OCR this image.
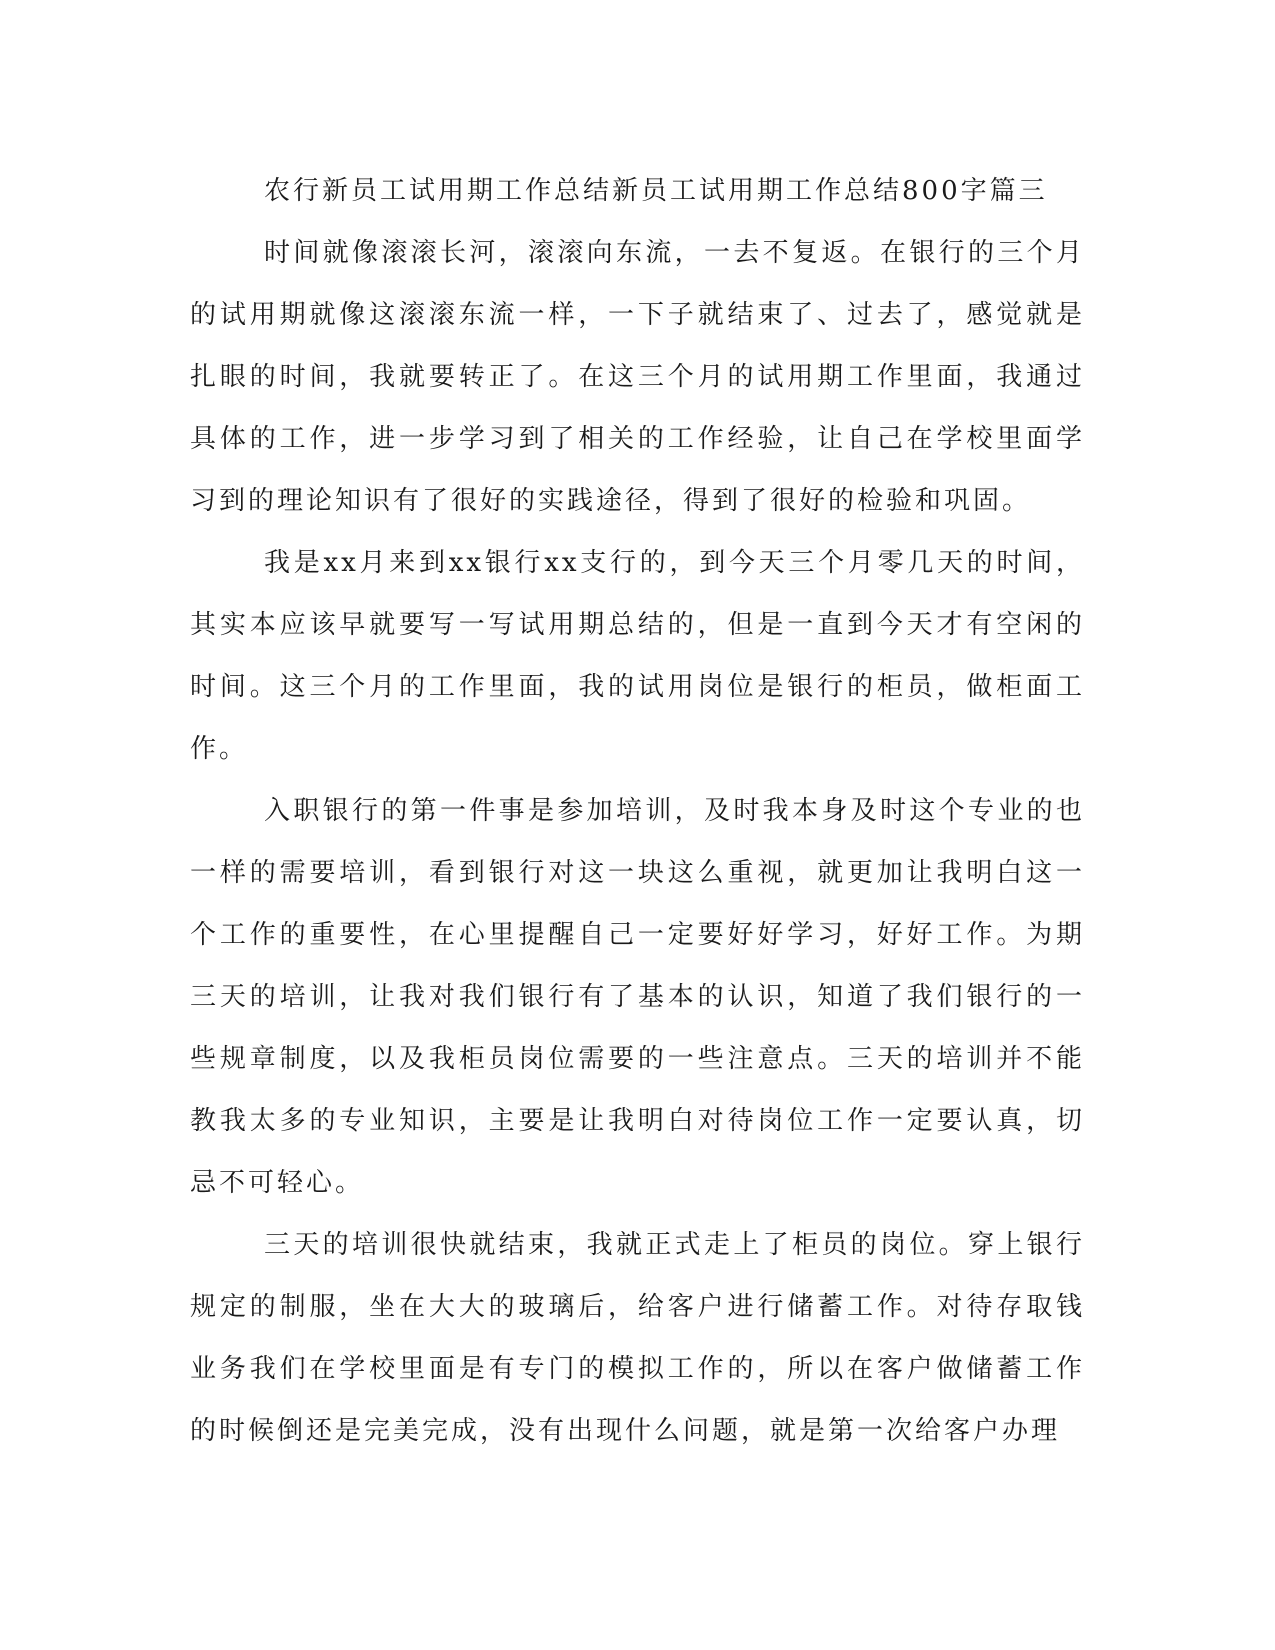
农行新员工试用期工作总结新员工试用期工作总结800字篇三

时间就像滚滚长河，滚滚向东流，一去不复返。在银行的三个月的试用期就像这滚滚东流一样，一下子就结束了、过去了，感觉就是扎眼的时间，我就要转正了。在这三个月的试用期工作里面，我通过具体的工作，进一步学习到了相关的工作经验，让自己在学校里面学习到的理论知识有了很好的实践途径，得到了很好的检验和巩固。

我是xx月来到xx银行xx支行的，到今天三个月零几天的时间，其实本应该早就要写一写试用期总结的，但是一直到今天才有空闲的时间。这三个月的工作里面，我的试用岗位是银行的柜员，做柜面工作。

入职银行的第一件事是参加培训，及时我本身及时这个专业的也一样的需要培训，看到银行对这一块这么重视，就更加让我明白这一个工作的重要性，在心里提醒自己一定要好好学习，好好工作。为期三天的培训，让我对我们银行有了基本的认识，知道了我们银行的一些规章制度，以及我柜员岗位需要的一些注意点。三天的培训并不能教我太多的专业知识，主要是让我明白对待岗位工作一定要认真，切忌不可轻心。

三天的培训很快就结束，我就正式走上了柜员的岗位。穿上银行规定的制服，坐在大大的玻璃后，给客户进行储蓄工作。对待存取钱业务我们在学校里面是有专门的模拟工作的，所以在客户做储蓄工作的时候倒还是完美完成，没有出现什么问题，就是第一次给客户办理
